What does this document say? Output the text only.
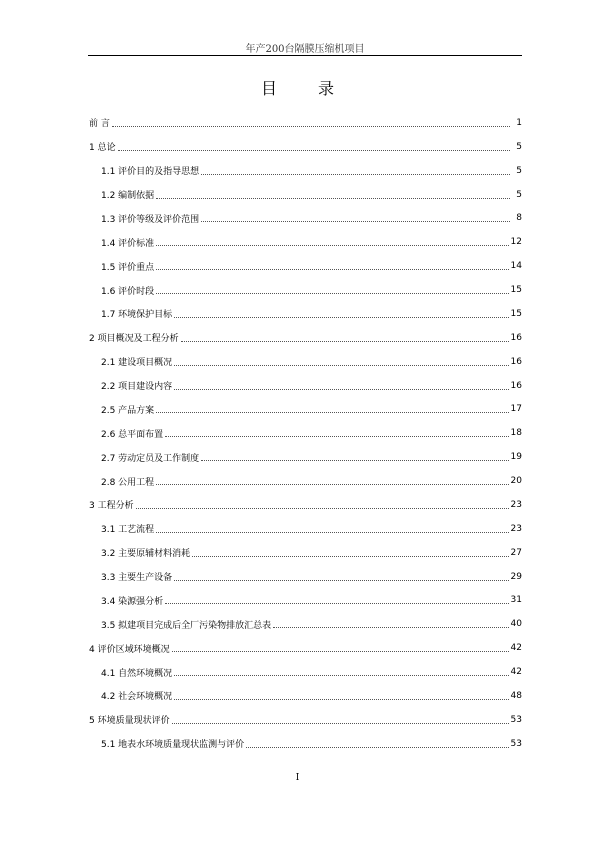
年产200台隔膜压缩机项目
目 录
前 言	1
1 总论	5
1.1 评价目的及指导思想	5
1.2 编制依据	5
1.3 评价等级及评价范围	8
1.4 评价标准	12
1.5 评价重点	14
1.6 评价时段	15
1.7 环境保护目标	15
2 项目概况及工程分析	16
2.1 建设项目概况	16
2.2 项目建设内容	16
2.5 产品方案	17
2.6 总平面布置	18
2.7 劳动定员及工作制度	19
2.8 公用工程	20
3 工程分析	23
3.1 工艺流程	23
3.2 主要原辅材料消耗	27
3.3 主要生产设备	29
3.4 染源强分析	31
3.5 拟建项目完成后全厂污染物排放汇总表	40
4 评价区域环境概况	42
4.1 自然环境概况	42
4.2 社会环境概况	48
5 环境质量现状评价	53
5.1 地表水环境质量现状监测与评价	53
I
